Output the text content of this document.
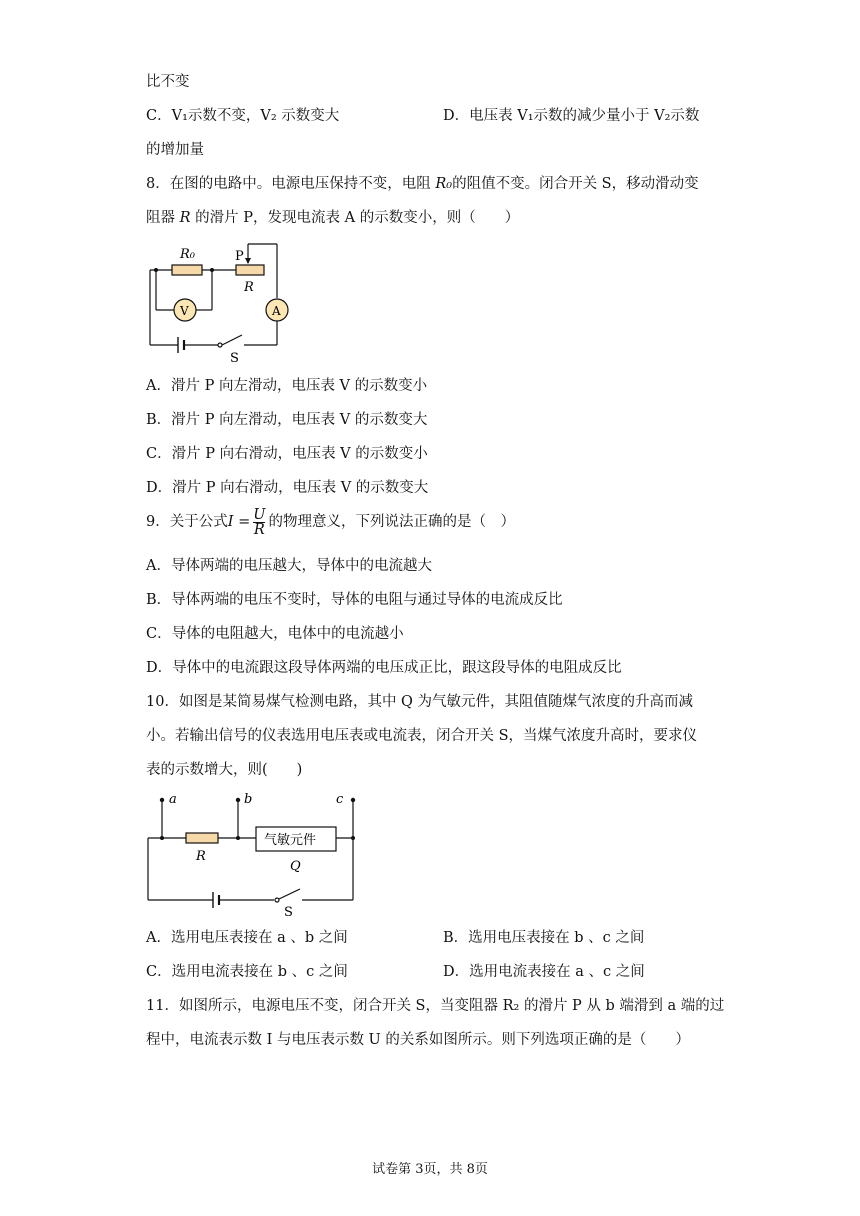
比不变
C．V₁示数不变，V₂ 示数变大	D．电压表 V₁示数的减少量小于 V₂示数
的增加量
8．在图的电路中。电源电压保持不变，电阻 R₀的阻值不变。闭合开关 S，移动滑动变
阻器 R 的滑片 P，发现电流表 A 的示数变小，则（　　）
R₀	P
R
V	A
S
A．滑片 P 向左滑动，电压表 V 的示数变小
B．滑片 P 向左滑动，电压表 V 的示数变大
C．滑片 P 向右滑动，电压表 V 的示数变小
D．滑片 P 向右滑动，电压表 V 的示数变大
9．关于公式$I = \frac{U}{R}$ 的物理意义，下列说法正确的是（　）
A．导体两端的电压越大，导体中的电流越大
B．导体两端的电压不变时，导体的电阻与通过导体的电流成反比
C．导体的电阻越大，电体中的电流越小
D．导体中的电流跟这段导体两端的电压成正比，跟这段导体的电阻成反比
10．如图是某简易煤气检测电路，其中 Q 为气敏元件，其阻值随煤气浓度的升高而减
小。若输出信号的仪表选用电压表或电流表，闭合开关 S，当煤气浓度升高时，要求仪
表的示数增大，则(　　)
a	b	c
R
气敏元件
Q
S
A．选用电压表接在 a 、b 之间	B．选用电压表接在 b 、c 之间
C．选用电流表接在 b 、c 之间	D．选用电流表接在 a 、c 之间
11．如图所示，电源电压不变，闭合开关 S，当变阻器 R₂ 的滑片 P 从 b 端滑到 a 端的过
程中，电流表示数 I 与电压表示数 U 的关系如图所示。则下列选项正确的是（　　）
试卷第 3页，共 8页
